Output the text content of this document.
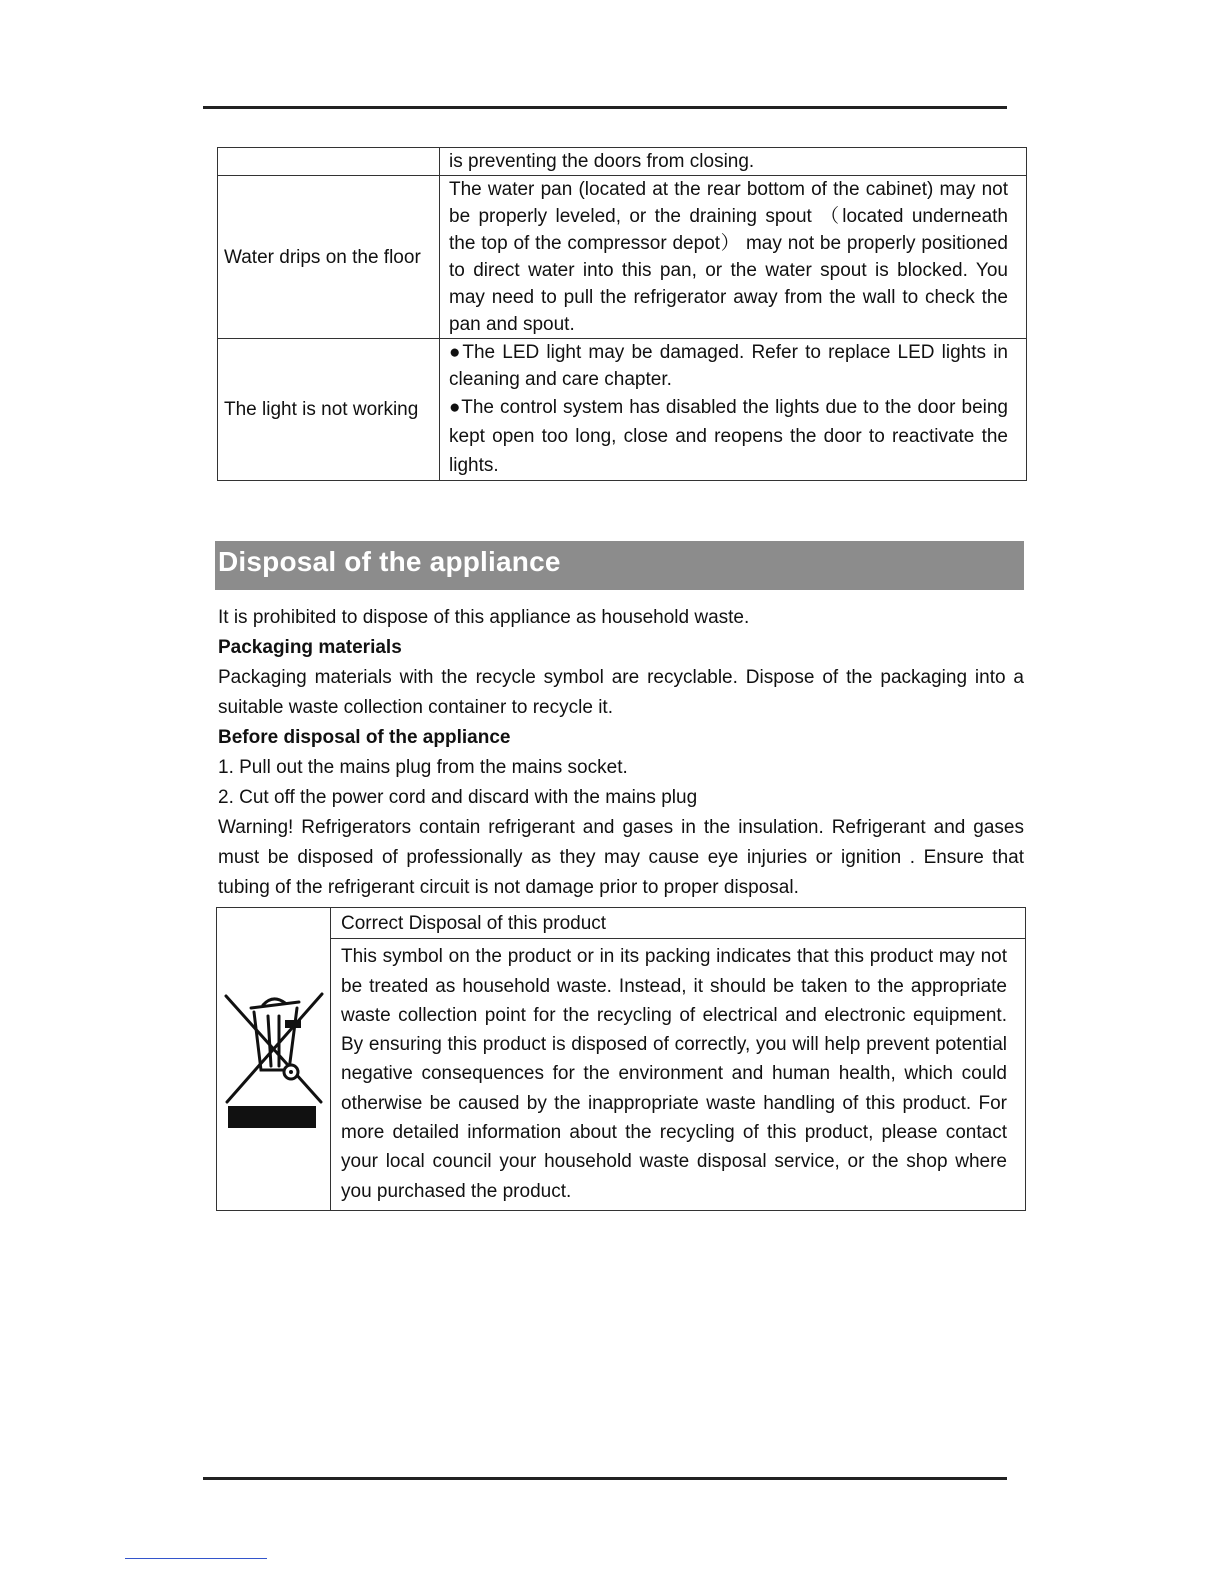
	is preventing the doors from closing.
Water drips on the floor	The water pan (located at the rear bottom of the cabinet) may not be properly leveled, or the draining spout （located underneath the top of the compressor depot） may not be properly positioned to direct water into this pan, or the water spout is blocked. You may need to pull the refrigerator away from the wall to check the pan and spout.
The light is not working	●The LED light may be damaged. Refer to replace LED lights in cleaning and care chapter.
●The control system has disabled the lights due to the door being kept open too long, close and reopens the door to reactivate the lights.
Disposal of the appliance

It is prohibited to dispose of this appliance as household waste.

Packaging materials

Packaging materials with the recycle symbol are recyclable. Dispose of the packaging into a suitable waste collection container to recycle it.

Before disposal of the appliance

1. Pull out the mains plug from the mains socket.

2. Cut off the power cord and discard with the mains plug

Warning! Refrigerators contain refrigerant and gases in the insulation. Refrigerant and gases must be disposed of professionally as they may cause eye injuries or ignition . Ensure that tubing of the refrigerant circuit is not damage prior to proper disposal.

	Correct Disposal of this product
This symbol on the product or in its packing indicates that this product may not be treated as household waste. Instead, it should be taken to the appropriate waste collection point for the recycling of electrical and electronic equipment. By ensuring this product is disposed of correctly, you will help prevent potential negative consequences for the environment and human health, which could otherwise be caused by the inappropriate waste handling of this product. For more detailed information about the recycling of this product, please contact your local council your household waste disposal service, or the shop where you purchased the product.
